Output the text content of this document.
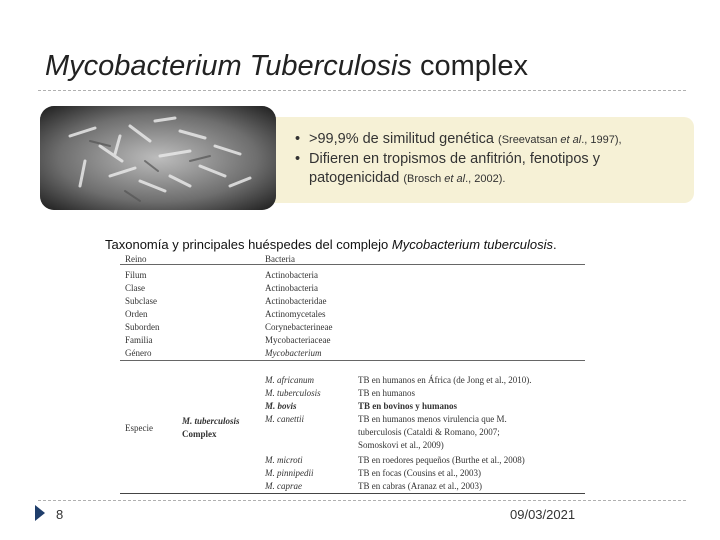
Mycobacterium Tuberculosis complex
• >99,9% de similitud genética (Sreevatsan et al., 1997),
• Difieren en tropismos de anfitrión, fenotipos y
patogenicidad (Brosch et al., 2002).
Taxonomía y principales huéspedes del complejo Mycobacterium tuberculosis.
Reino	Bacteria
Filum	Actinobacteria
Clase	Actinobacteria
Subclase	Actinobacteridae
Orden	Actinomycetales
Suborden	Corynebacterineae
Familia	Mycobacteriaceae
Género	Mycobacterium
Especie
M. tuberculosis
Complex
M. africanum	TB en humanos en África (de Jong et al., 2010).
M. tuberculosis	TB en humanos
M. bovis	TB en bovinos y humanos
M. canettii	TB en humanos menos virulencia que M.
tuberculosis (Cataldi & Romano, 2007;
Somoskovi et al., 2009)
M. microti	TB en roedores pequeños (Burthe et al., 2008)
M. pinnipedii	TB en focas (Cousins et al., 2003)
M. caprae	TB en cabras (Aranaz et al., 2003)
8	09/03/2021
